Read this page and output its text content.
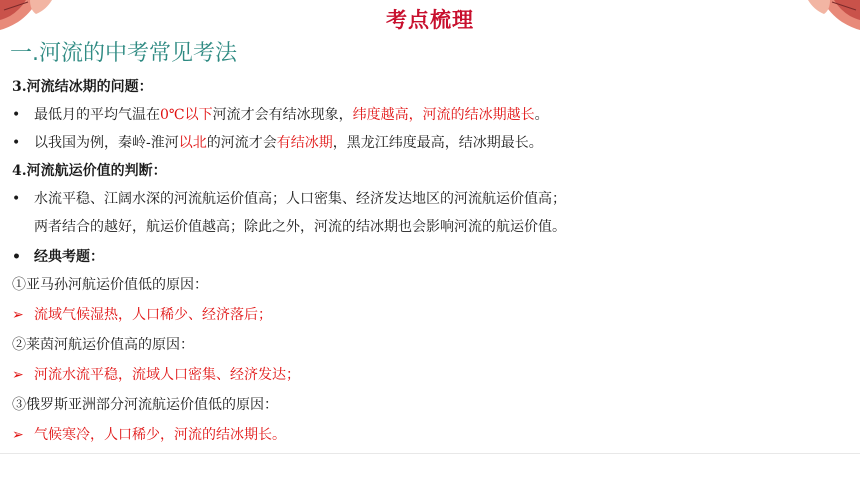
考点梳理
一.河流的中考常见考法
3.河流结冰期的问题：
• 最低月的平均气温在0℃以下河流才会有结冰现象，纬度越高，河流的结冰期越长。
• 以我国为例，秦岭-淮河以北的河流才会有结冰期，黑龙江纬度最高，结冰期最长。
4.河流航运价值的判断：
• 水流平稳、江阔水深的河流航运价值高；人口密集、经济发达地区的河流航运价值高；
两者结合的越好，航运价值越高；除此之外，河流的结冰期也会影响河流的航运价值。
• 经典考题：
①亚马孙河航运价值低的原因：
➢ 流域气候湿热，人口稀少、经济落后；
②莱茵河航运价值高的原因：
➢ 河流水流平稳，流域人口密集、经济发达；
③俄罗斯亚洲部分河流航运价值低的原因：
➢ 气候寒冷，人口稀少，河流的结冰期长。
